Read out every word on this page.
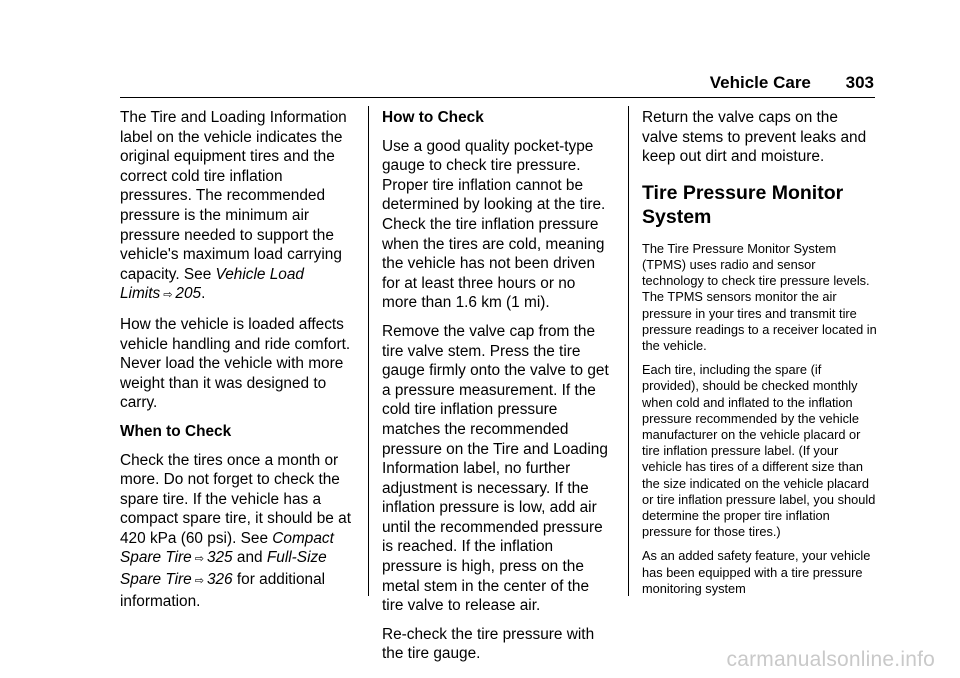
Vehicle Care 303

The Tire and Loading Information label on the vehicle indicates the original equipment tires and the correct cold tire inflation pressures. The recommended pressure is the minimum air pressure needed to support the vehicle's maximum load carrying capacity. See Vehicle Load Limits ⇨ 205.

How the vehicle is loaded affects vehicle handling and ride comfort. Never load the vehicle with more weight than it was designed to carry.

When to Check

Check the tires once a month or more. Do not forget to check the spare tire. If the vehicle has a compact spare tire, it should be at 420 kPa (60 psi). See Compact Spare Tire ⇨ 325 and Full-Size Spare Tire ⇨ 326 for additional information.

How to Check

Use a good quality pocket-type gauge to check tire pressure. Proper tire inflation cannot be determined by looking at the tire. Check the tire inflation pressure when the tires are cold, meaning the vehicle has not been driven for at least three hours or no more than 1.6 km (1 mi).

Remove the valve cap from the tire valve stem. Press the tire gauge firmly onto the valve to get a pressure measurement. If the cold tire inflation pressure matches the recommended pressure on the Tire and Loading Information label, no further adjustment is necessary. If the inflation pressure is low, add air until the recommended pressure is reached. If the inflation pressure is high, press on the metal stem in the center of the tire valve to release air.

Re-check the tire pressure with the tire gauge.

Return the valve caps on the valve stems to prevent leaks and keep out dirt and moisture.

Tire Pressure Monitor System

The Tire Pressure Monitor System (TPMS) uses radio and sensor technology to check tire pressure levels. The TPMS sensors monitor the air pressure in your tires and transmit tire pressure readings to a receiver located in the vehicle.

Each tire, including the spare (if provided), should be checked monthly when cold and inflated to the inflation pressure recommended by the vehicle manufacturer on the vehicle placard or tire inflation pressure label. (If your vehicle has tires of a different size than the size indicated on the vehicle placard or tire inflation pressure label, you should determine the proper tire inflation pressure for those tires.)

As an added safety feature, your vehicle has been equipped with a tire pressure monitoring system

carmanualsonline.info
